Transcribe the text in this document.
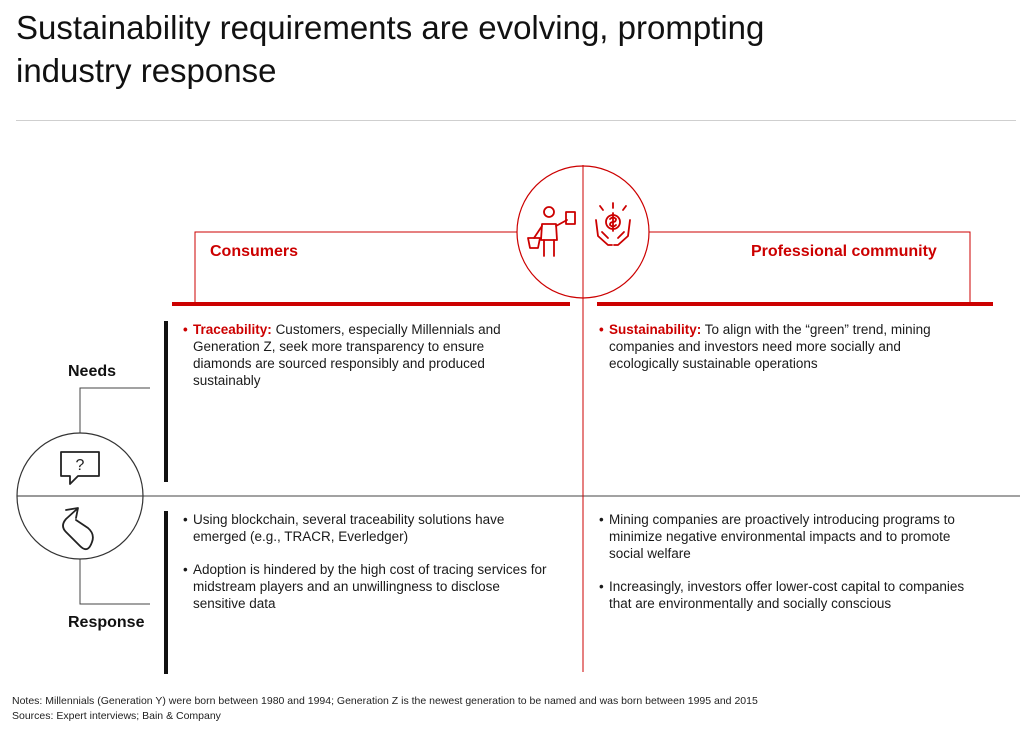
Sustainability requirements are evolving, prompting
industry response
?
Consumers	Professional community
Needs
Response
• Traceability: Customers, especially Millennials and Generation Z, seek more transparency to ensure diamonds are sourced responsibly and produced sustainably
• Sustainability: To align with the “green” trend, mining companies and investors need more socially and ecologically sustainable operations
• Using blockchain, several traceability solutions have emerged (e.g., TRACR, Everledger)
• Adoption is hindered by the high cost of tracing services for midstream players and an unwillingness to disclose sensitive data
• Mining companies are proactively introducing programs to minimize negative environmental impacts and to promote social welfare
• Increasingly, investors offer lower-cost capital to companies that are environmentally and socially conscious
Notes: Millennials (Generation Y) were born between 1980 and 1994; Generation Z is the newest generation to be named and was born between 1995 and 2015
Sources: Expert interviews; Bain & Company
